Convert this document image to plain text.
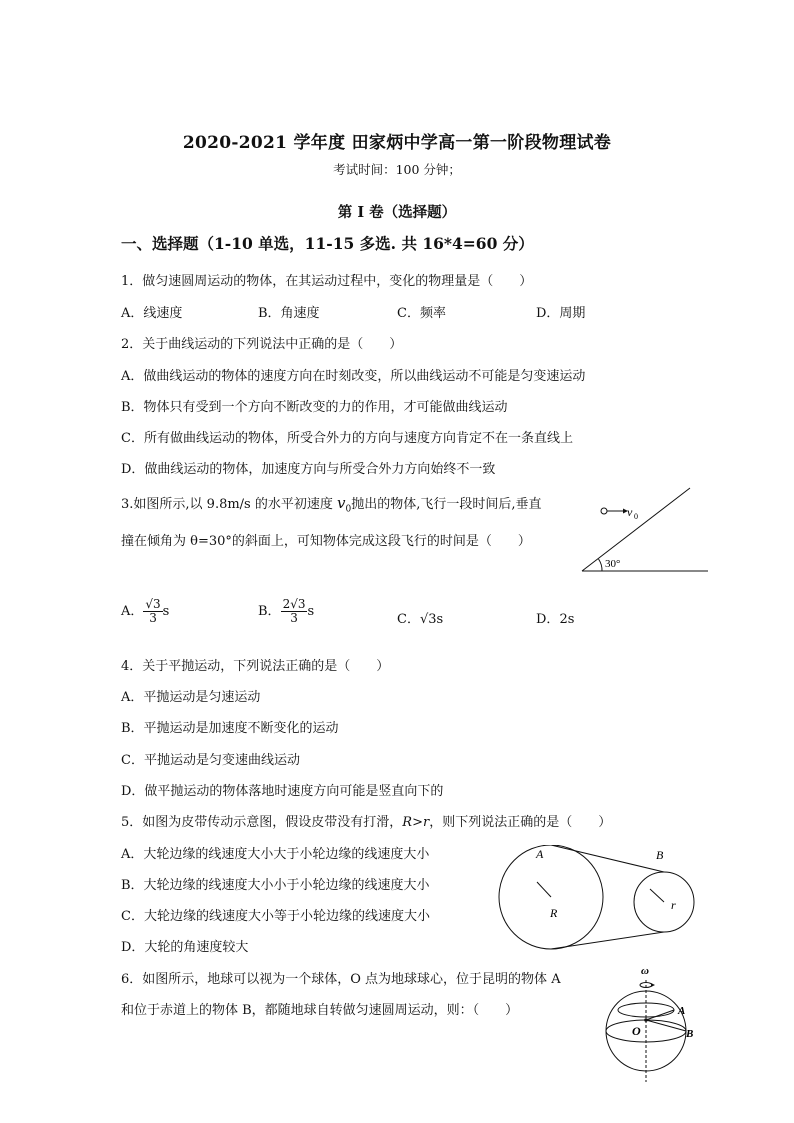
2020-2021 学年度 田家炳中学高一第一阶段物理试卷
考试时间：100 分钟；
第 I 卷（选择题）
一、选择题（1-10 单选，11-15 多选. 共 16*4=60 分）
1．做匀速圆周运动的物体，在其运动过程中，变化的物理量是（　　）
A．线速度	B．角速度	C．频率	D．周期
2．关于曲线运动的下列说法中正确的是（　　）
A．做曲线运动的物体的速度方向在时刻改变，所以曲线运动不可能是匀变速运动
B．物体只有受到一个方向不断改变的力的作用，才可能做曲线运动
C．所有做曲线运动的物体，所受合外力的方向与速度方向肯定不在一条直线上
D．做曲线运动的物体，加速度方向与所受合外力方向始终不一致
3.如图所示,以 9.8m/s 的水平初速度 $v_0$抛出的物体,飞行一段时间后,垂直
撞在倾角为 θ=30°的斜面上，可知物体完成这段飞行的时间是（　　）
v 0
30°
A． $\frac{√3}{3}$ s	B． $\frac{2√3}{3}$ s
C．√3s	D．2s
4．关于平抛运动，下列说法正确的是（　　）
A．平抛运动是匀速运动
B．平抛运动是加速度不断变化的运动
C．平抛运动是匀变速曲线运动
D．做平抛运动的物体落地时速度方向可能是竖直向下的
5．如图为皮带传动示意图，假设皮带没有打滑，R>r，则下列说法正确的是（　　）
A．大轮边缘的线速度大小大于小轮边缘的线速度大小
B．大轮边缘的线速度大小小于小轮边缘的线速度大小
C．大轮边缘的线速度大小等于小轮边缘的线速度大小
D．大轮的角速度较大
A	B
R
r
6．如图所示，地球可以视为一个球体，O 点为地球球心，位于昆明的物体 A
和位于赤道上的物体 B，都随地球自转做匀速圆周运动，则：（　　）
ω
O
A
B
